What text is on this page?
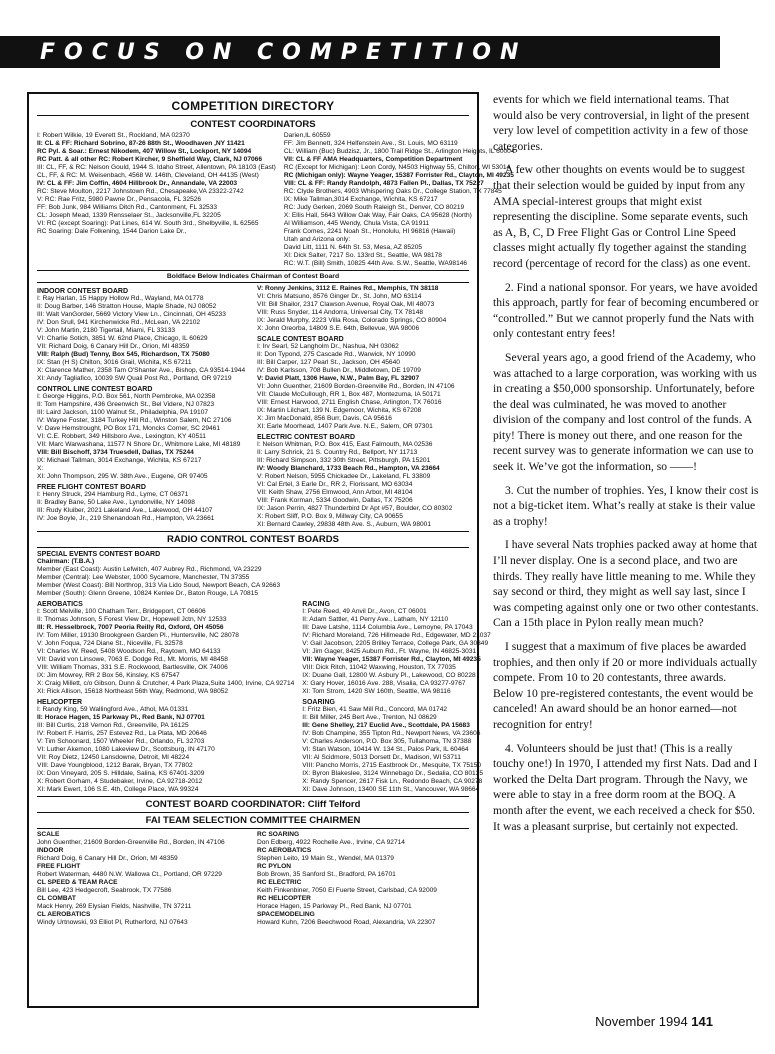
FOCUS ON COMPETITION
COMPETITION DIRECTORY
CONTEST COORDINATORS
I: Robert Wilkie, 19 Everett St., Rockland, MA 02370
II: CL & FF: Richard Sobrino, 87-26 88th St., Woodhaven ,NY 11421
RC Pyl. & Soar.: Ernest Nikodem, 407 Willow St., Lockport, NY 14094
RC Patt. & all other RC: Robert Kircher, 9 Sheffield Way, Clark, NJ 07066
III: CL, FF, & RC: Nelson Gould, 1944 S. Idaho Street, Allentown, PA 18103 (East)
CL, FF, & RC: M. Weisenbach, 4568 W. 146th, Cleveland, OH 44135 (West)
IV: CL & FF: Jim Coffin, 4604 Hillbrook Dr., Annandale, VA 22003
RC: Steve Moulton, 2217 Johnstown Rd., Chesapeake,VA 23322-2742
V: RC: Rae Fritz, 5980 Pawne Dr., Pensacola, FL 32526
FF: Bob Junk, 984 Williams Ditch Rd., Cantonment, FL 32533
CL: Joseph Mead, 1339 Rensselaer St., Jacksonville,FL 32205
VI: RC (except Soaring): Pat Lines, 614 W. South 3rd., Shelbyville, IL 62565
RC Soaring: Dale Folkening, 1544 Darion Lake Dr.,
Darien,IL 60559
FF: Jim Bennett, 324 Helfenstein Ave., St. Louis, MO 63119
CL: William (Buc) Budzisz, Jr., 1800 Trail Ridge St., Arlington Heights, IL 60004
VII: CL & FF AMA Headquarters, Competition Department
RC (Except for Michigan): Leon Cordy, N4503 Highway 55, Chilton, WI 53014
RC (Michigan only): Wayne Yeager, 15387 Forrister Rd., Clayton, MI 49235
VIII: CL & FF: Randy Randolph, 4873 Fallen Pl., Dallas, TX 75227
RC: Clyde Brothers, 4903 Whispering Oaks Dr., College Station, TX 77845
IX: Mike Tallman,3014 Exchange, Wichita, KS 67217
RC: Judy Gerken, 2069 South Raleigh St., Denver, CO 80219
X: Ellis Hall, 5643 Willow Oak Way, Fair Oaks, CA 95628 (North)
Al Williamson, 445 Wendy, Chula Vista, CA 91911
Frank Comes, 2241 Noah St., Honolulu, HI 96816 (Hawaii)
Utah and Arizona only:
David Litt, 1111 N. 64th St. 53, Mesa, AZ 85205
XI: Dick Salter, 7217 So. 133rd St., Seattle, WA 98178
RC: W.T. (Bill) Smith, 10825 44th Ave. S.W., Seattle, WA98146
Boldface Below Indicates Chairman of Contest Board
INDOOR CONTEST BOARD
I: Ray Harlan, 15 Happy Hollow Rd., Wayland, MA 01778
II: Doug Barber, 146 Stratton House, Maple Shade, NJ 08052
III: Walt VanGorder, 5669 Victory View Ln., Cincinnati, OH 45233
IV: Don Srull, 941 Kirchenwicke Rd., McLean, VA 22102
V: John Martin, 2180 Tigertail, Miami, FL 33133
VI: Charlie Sotich, 3851 W. 62nd Place, Chicago, IL 60629
VII: Richard Doig, 6 Canary Hill Dr., Orion, MI 48359
VIII: Ralph (Bud) Tenny, Box 545, Richardson, TX 75080
IX: Stan (H S) Chilton, 3016 Grail, Wichita, KS 67211
X: Clarence Mather, 2358 Tam O'Shanter Ave., Bishop, CA 93514-1944
XI: Andy Tagliafico, 10039 SW Quail Post Rd., Portland, OR 97219
CONTROL LINE CONTEST BOARD
I: George Higgins, P.O. Box 561, North Pembroke, MA 02358
II: Tom Hampshire, 436 Greenwich St., Bel Videre, NJ 07823
III: Laird Jackson, 1100 Walnut St., Philadelphia, PA 19107
IV: Wayne Foster, 3184 Turkey Hill Rd., Winston Salem, NC 27106
V: Dave Hemstrought, PO Box 171, Moncks Corner, SC 29461
VI: C.E. Robbert, 349 Hillsboro Ave., Lexington, KY 40511
VII: Marc Warwashana, 11577 N Shore Dr., Whitmore Lake, MI 48189
VIII: Bill Bischoff, 3734 Truesdell, Dallas, TX 75244
IX: Michael Tallman, 3014 Exchange, Wichita, KS 67217
X:
XI: John Thompson, 295 W. 38th Ave., Eugene, OR 97405
FREE FLIGHT CONTEST BOARD
I: Henry Struck, 294 Hamburg Rd., Lyme, CT 06371
II: Bradley Bane, 50 Lake Ave., Lyndonville, NY 14098
III: Rudy Kluiber, 2021 Lakeland Ave., Lakewood, OH 44107
IV: Joe Boyle, Jr., 219 Shenandoah Rd., Hampton, VA 23661
V: Ronny Jenkins, 3112 E. Raines Rd., Memphis, TN 38118
VI: Chris Matsuno, 8576 Ginger Dr., St. John, MO 63114
VII: Bill Shailor, 2317 Clawson Avenue, Royal Oak, MI 48073
VIII: Russ Snyder, 114 Andorra, Universal City, TX 78148
IX: Jerald Murphy, 2223 Villa Rosa, Colorado Springs, CO 80904
X: John Oreorba, 14809 S.E. 64th, Bellevue, WA 98006
SCALE CONTEST BOARD
I: Irv Searl, 52 Langholm Dr., Nashua, NH 03062
II: Don Typond, 275 Cascade Rd., Warwick, NY 10990
III: Bill Carper, 127 Pearl St., Jackson, OH 45640
IV: Bob Karlsson, 708 Bullen Dr., Middletown, DE 19709
V: David Platt, 1306 Hawe, N.W., Palm Bay, FL 32907
VI: John Guenther, 21609 Borden-Greenville Rd., Borden, IN 47106
VII: Claude McCullough, RR 1, Box 487, Montezuma, IA 50171
VIII: Ernest Harwood, 2711 English Chase, Arlington, TX 76016
IX: Martin Lilchart, 139 N. Edgemoor, Wichita, KS 67208
X: Jim MacDonald, 856 Burr, Davis, CA 95616
XI: Earle Moorhead, 1407 Park Ave. N.E., Salem, OR 97301
ELECTRIC CONTEST BOARD
I: Nelson Whitman, P.O. Box 415, East Falmouth, MA 02536
II: Larry Schrick, 21 S. Country Rd., Bellport, NY 11713
III: Richard Simpson, 332 30th Street, Pittsburgh, PA 15201
IV: Woody Blanchard, 1733 Beach Rd., Hampton, VA 23664
V: Robert Nelson, 5955 Chickadee Dr., Lakeland, FL 33809
VI: Cal Ertel, 3 Earle Dr., RR 2, Florissant, MO 63034
VII: Keith Shaw, 2756 Elmwood, Ann Arbor, MI 48104
VIII: Frank Korman, 5334 Goodwin, Dallas, TX 75206
IX: Jason Perrin, 4827 Thunderbird Dr Apt #57, Boulder, CO 80302
X: Robert Sliff, P.O. Box 9, Millway City, CA 90655
XI: Bernard Cawley, 29838 48th Ave. S., Auburn, WA 98001
RADIO CONTROL CONTEST BOARDS
SPECIAL EVENTS CONTEST BOARD
Chairman: (T.B.A.)
Member (East Coast): Austin Lefwitch, 407 Aubrey Rd., Richmond, VA 23229
Member (Central): Lee Webster, 1000 Sycamore, Manchester, TN 37355
Member (West Coast): Bill Northrop, 313 Via Lido Soud, Newport Beach, CA 92663
Member (South): Glenn Greene, 10824 Kenlee Dr., Baton Rouge, LA 70815
AEROBATICS
I: Scott Melville, 100 Chatham Terr., Bridgeport, CT 06606
II: Thomas Johnson, 5 Forest View Dr., Hopewell Jctn, NY 12533
III: R. Hesselbrock, 7007 Peoria Reilly Rd, Oxford, OH 45056
IV: Tom Miller, 19130 Brookgreen Garden Pl., Huntersville, NC 28078
V: John Foqua, 724 Diane St., Niceville, FL 32578
VI: Charles W. Reed, 5408 Woodson Rd., Raytown, MO 64133
VII: David von Linsowe, 7063 E. Dodge Rd., Mt. Morris, MI 48458
VIII: William Thomas, 331 S.E. Rockwood, Bartlesville, OK 74006
IX: Jim Mowrey, RR 2 Box 56, Kinsley, KS 67547
X: Craig Millett, c/o Gibson, Dunn & Crutcher, 4 Park Plaza,Suite 1400, Irvine, CA 92714
XI: Rick Allison, 15618 Northeast 56th Way, Redmond, WA 98052
HELICOPTER
I: Randy King, 59 Wallingford Ave., Athol, MA 01331
II: Horace Hagen, 15 Parkway Pl., Red Bank, NJ 07701
III: Bill Curtis, 218 Vernon Rd., Greenville, PA 16125
IV: Robert F. Harris, 257 Estevez Rd., La Plata, MD 20646
V: Tim Schoonard, 1507 Wheeler Rd., Orlando, FL 32703
VI: Luther Akemon, 1080 Lakeview Dr., Scottsburg, IN 47170
VII: Roy Dietz, 12450 Lansdowne, Detroit, MI 48224
VIII: Dave Youngblood, 1212 Barak, Bryan, TX 77802
IX: Don Vineyard, 205 S. Hilldale, Salina, KS 67401-3209
X: Robert Gorham, 4 Studebaker, Irvine, CA 92718-2012
XI: Mark Ewert, 106 S.E. 4th, College Place, WA 99324
RACING
I: Pete Reed, 49 Anvil Dr., Avon, CT 06001
II: Adam Sattler, 41 Perry Ave., Latham, NY 12110
III: Dave Latshe, 1114 Columbia Ave., Lemoyne, PA 17043
IV: Richard Moreland, 726 Hillmeade Rd., Edgewater, MD 21037
V: Gail Jacobson, 2205 Brilley Terrace, College Park, GA 30349
VI: Jim Gager, 8425 Auburn Rd., Ft. Wayne, IN 46825-3031
VII: Wayne Yeager, 15387 Forrister Rd., Clayton, MI 49235
VIII: Dick Ritch, 11042 Waxwing, Houston, TX 77035
IX: Duane Gall, 12800 W. Asbury Pl., Lakewood, CO 80228
X: Gary Hover, 16016 Ave. 288, Visalia, CA 93277-9767
XI: Tom Strom, 1420 SW 160th, Seattle, WA 98116
SOARING
I: Fritz Bien, 41 Saw Mill Rd., Concord, MA 01742
II: Bill Miller, 245 Bert Ave., Trenton, NJ 08629
III: Gene Shelley, 217 Euclid Ave., Scottdale, PA 15683
IV: Bob Champine, 355 Tipton Rd., Newport News, VA 23606
V: Charles Anderson, P.O. Box 305, Tullahoma, TN 37388
VI: Stan Watson, 10414 W. 134 St., Palos Park, IL 60464
VII: Al Scidmore, 5013 Dorsett Dr., Madison, WI 53711
VIII: Pancho Morris, 2715 Eastbrook Dr., Mesquite, TX 75150
IX: Byron Blakeslee, 3124 Winnebago Dr., Sedalia, CO 80135
X: Randy Spencer, 2617 Fisk Ln., Redondo Beach, CA 90278
XI: Dave Johnson, 13400 SE 11th St., Vancouver, WA 98664
CONTEST BOARD COORDINATOR: Cliff Telford
FAI TEAM SELECTION COMMITTEE CHAIRMEN
SCALE
John Guenther, 21609 Borden-Greenville Rd., Borden, IN 47106
INDOOR
Richard Doig, 6 Canary Hill Dr., Orion, MI 48359
FREE FLIGHT
Robert Waterman, 4480 N.W. Wallowa Ct., Portland, OR 97229
CL SPEED & TEAM RACE
Bill Lee, 423 Hedgecroft, Seabrook, TX 77586
CL COMBAT
Mack Henry, 269 Elysian Fields, Nashville, TN 37211
CL AEROBATICS
Windy Urtnowski, 93 Elliot Pl, Rutherford, NJ 07643
RC SOARING
Don Edberg, 4922 Rochelle Ave., Irvine, CA 92714
RC AEROBATICS
Stephen Leito, 19 Main St., Wendel, MA 01379
RC PYLON
Bob Brown, 35 Sanford St., Bradford, PA 16701
RC ELECTRIC
Keith Finkenbiner, 7050 El Fuerte Street, Carlsbad, CA 92009
RC HELICOPTER
Horace Hagen, 15 Parkway Pl., Red Bank, NJ 07701
SPACEMODELING
Howard Kuhn, 7206 Beechwood Road, Alexandria, VA 22307

events for which we field international teams. That would also be very controversial, in light of the present very low level of competition activity in a few of those categories.

A few other thoughts on events would be to suggest that their selection would be guided by input from any AMA special-interest groups that might exist representing the discipline. Some separate events, such as A, B, C, D Free Flight Gas or Control Line Speed classes might actually fly together against the standing record (percentage of record for the class) as one event.

2. Find a national sponsor. For years, we have avoided this approach, partly for fear of becoming encumbered or “controlled.” But we cannot properly fund the Nats with only contestant entry fees!

Several years ago, a good friend of the Academy, who was attached to a large corporation, was working with us in creating a $50,000 sponsorship. Unfortunately, before the deal was culminated, he was moved to another division of the company and lost control of the funds. A pity! There is money out there, and one reason for the recent survey was to generate information we can use to seek it. We’ve got the information, so ——!

3. Cut the number of trophies. Yes, I know their cost is not a big-ticket item. What’s really at stake is their value as a trophy!

I have several Nats trophies packed away at home that I’ll never display. One is a second place, and two are thirds. They really have little meaning to me. While they say second or third, they might as well say last, since I was competing against only one or two other contestants. Can a 15th place in Pylon really mean much?

I suggest that a maximum of five places be awarded trophies, and then only if 20 or more individuals actually compete. From 10 to 20 contestants, three awards. Below 10 pre-registered contestants, the event would be canceled! An award should be an honor earned—not recognition for entry!

4. Volunteers should be just that! (This is a really touchy one!) In 1970, I attended my first Nats. Dad and I worked the Delta Dart program. Through the Navy, we were able to stay in a free dorm room at the BOQ. A month after the event, we each received a check for $50. It was a pleasant surprise, but certainly not expected.

November 1994 141
